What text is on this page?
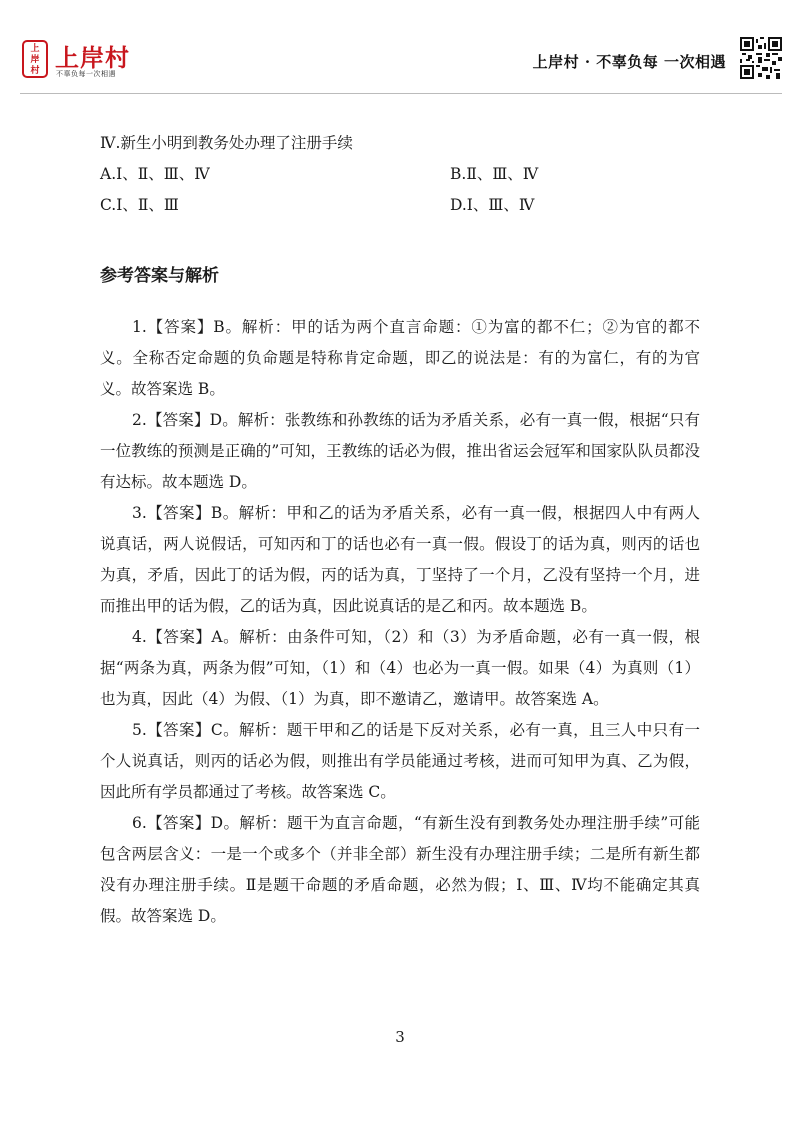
上
岸
村 上岸村
不辜负每一次相遇
上岸村 · 不辜负每 一次相遇
Ⅳ.新生小明到教务处办理了注册手续
A.Ⅰ、Ⅱ、Ⅲ、Ⅳ	B.Ⅱ、Ⅲ、Ⅳ
C.Ⅰ、Ⅱ、Ⅲ	D.Ⅰ、Ⅲ、Ⅳ
参考答案与解析
1.【答案】B。解析：甲的话为两个直言命题：①为富的都不仁；②为官的都不义。全称否定命题的负命题是特称肯定命题，即乙的说法是：有的为富仁，有的为官义。故答案选 B。
2.【答案】D。解析：张教练和孙教练的话为矛盾关系，必有一真一假，根据“只有一位教练的预测是正确的”可知，王教练的话必为假，推出省运会冠军和国家队队员都没有达标。故本题选 D。
3.【答案】B。解析：甲和乙的话为矛盾关系，必有一真一假，根据四人中有两人说真话，两人说假话，可知丙和丁的话也必有一真一假。假设丁的话为真，则丙的话也为真，矛盾，因此丁的话为假，丙的话为真，丁坚持了一个月，乙没有坚持一个月，进而推出甲的话为假，乙的话为真，因此说真话的是乙和丙。故本题选 B。
4.【答案】A。解析：由条件可知，（2）和（3）为矛盾命题，必有一真一假，根据“两条为真，两条为假”可知，（1）和（4）也必为一真一假。如果（4）为真则（1）也为真，因此（4）为假、（1）为真，即不邀请乙，邀请甲。故答案选 A。
5.【答案】C。解析：题干甲和乙的话是下反对关系，必有一真，且三人中只有一个人说真话，则丙的话必为假，则推出有学员能通过考核，进而可知甲为真、乙为假，因此所有学员都通过了考核。故答案选 C。
6.【答案】D。解析：题干为直言命题，“有新生没有到教务处办理注册手续”可能包含两层含义：一是一个或多个（并非全部）新生没有办理注册手续；二是所有新生都没有办理注册手续。Ⅱ是题干命题的矛盾命题，必然为假；Ⅰ、Ⅲ、Ⅳ均不能确定其真假。故答案选 D。
3
